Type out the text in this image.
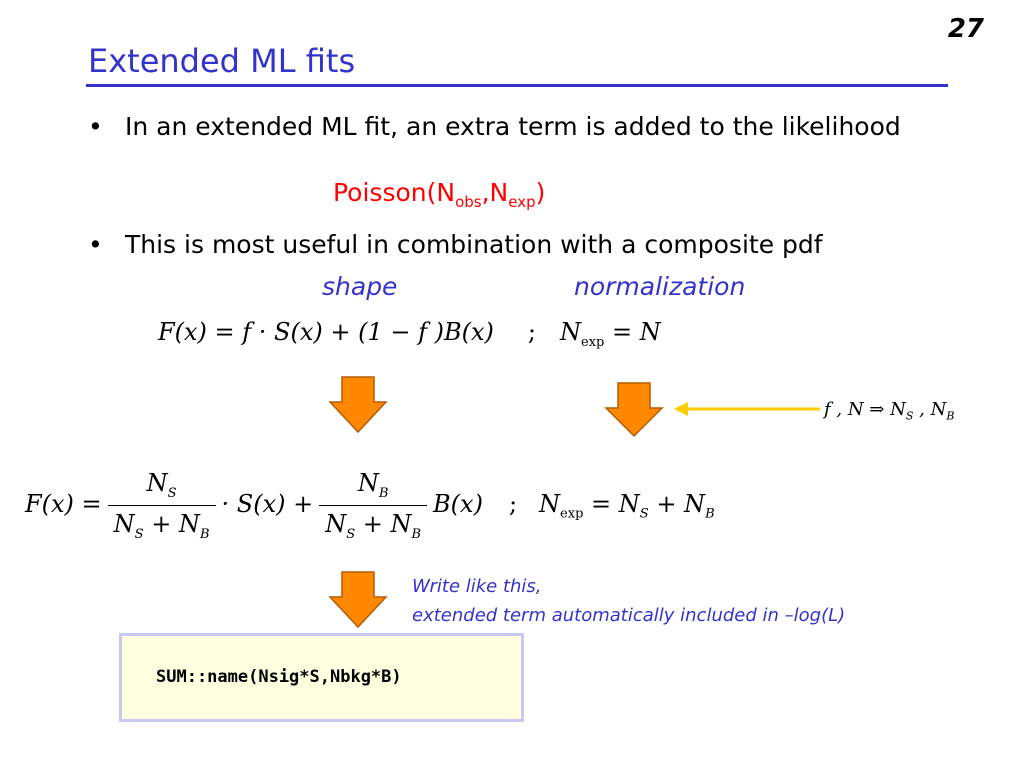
27
Extended ML fits
• In an extended ML fit, an extra term is added to the likelihood
$Poisson(N_{obs},N_{exp})$
• This is most useful in combination with a composite pdf
shape	normalization
F(x) = f · S(x) + (1 − f )B(x) ; $N_{exp} = N$
f , N ⇒ $N_S$ , $N_B$
$F(x) = \frac{N_S}{N_S + N_B} \cdot S(x) + \frac{N_B}{N_S + N_B} B(x)$ ; $N_{exp} = N_S + N_B$
Write like this,
extended term automatically included in –log(L)
SUM::name(Nsig*S,Nbkg*B)
